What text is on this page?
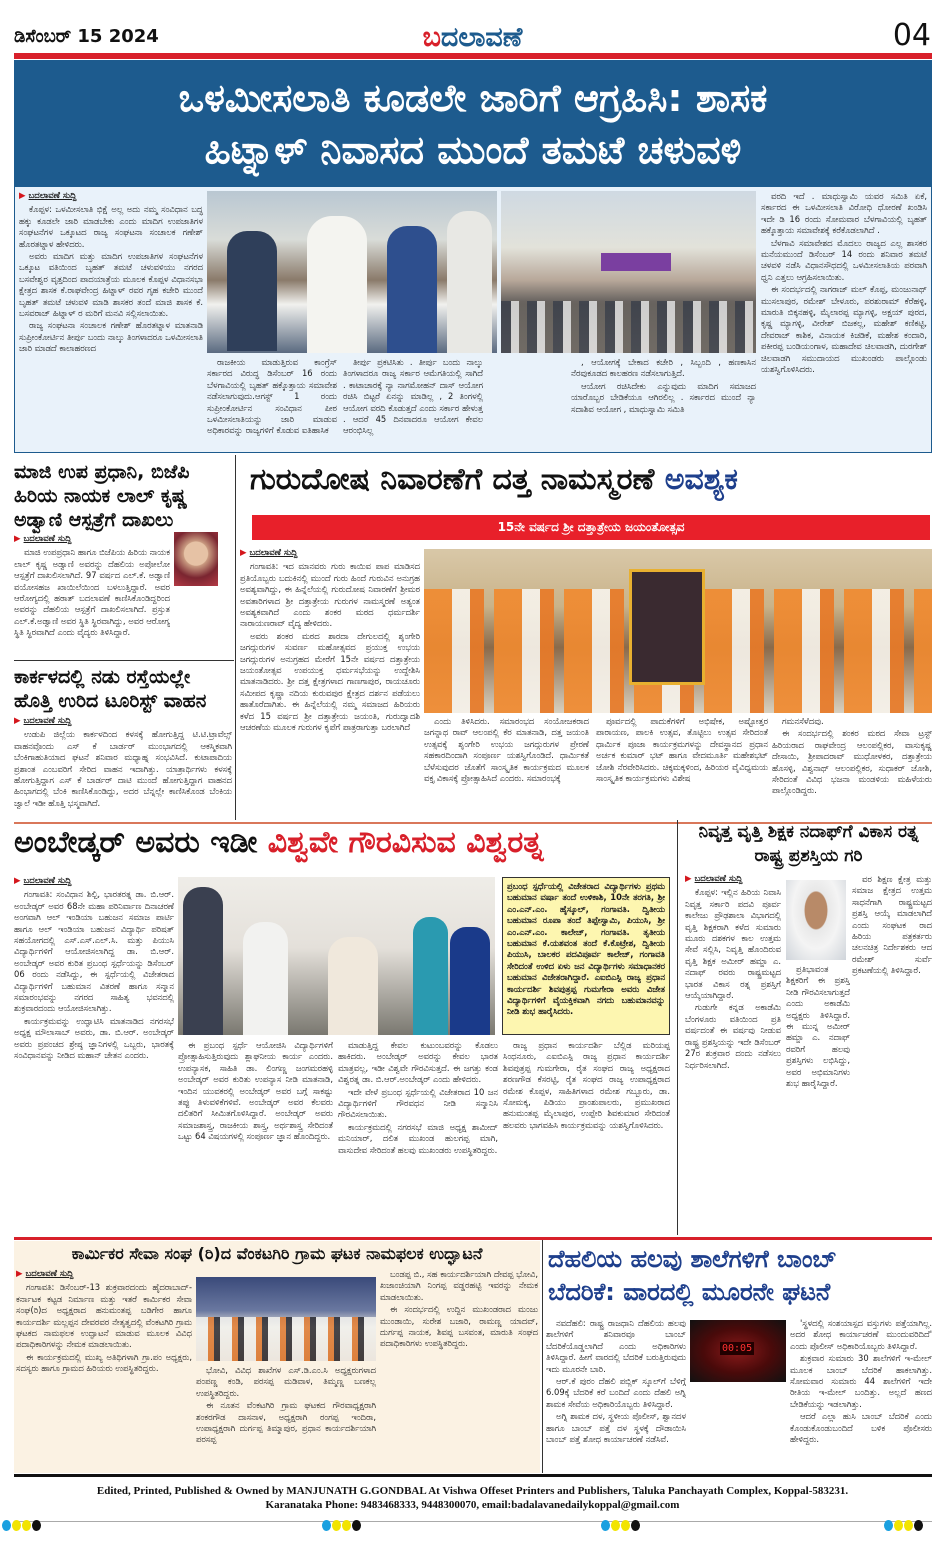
ಡಿಸೆಂಬರ್ 15 2024	ಬದಲಾವಣೆ	04
ಒಳಮೀಸಲಾತಿ ಕೂಡಲೇ ಜಾರಿಗೆ ಆಗ್ರಹಿಸಿ: ಶಾಸಕ
ಹಿಟ್ನಾಳ್ ನಿವಾಸದ ಮುಂದೆ ತಮಟೆ ಚಳುವಳಿ
▶ ಬದಲಾವಣೆ ಸುದ್ದಿ

ಕೊಪ್ಪಳ: ಒಳಮೀಸಲಾತಿ ಭಿಕ್ಷೆ ಅಲ್ಲ ಅದು ನಮ್ಮ ಸಂವಿಧಾನ ಬದ್ಧ ಹಕ್ಕು ಕೂಡಲೇ ಜಾರಿ ಮಾಡಬೇಕು ಎಂದು ಮಾದಿಗ ಉಪಜಾತಿಗಳ ಸಂಘಟನೆಗಳ ಒಕ್ಕೂಟದ ರಾಜ್ಯ ಸಂಘಟನಾ ಸಂಚಾಲಕ ಗಣೇಶ್ ಹೊರತಟ್ನಾಳ ಹೇಳಿದರು.

ಅವರು ಮಾದಿಗ ಮತ್ತು ಮಾದಿಗ ಉಪಜಾತಿಗಳ ಸಂಘಟನೆಗಳ ಒಕ್ಕೂಟ ವತಿಯಿಂದ ಬೃಹತ್ ತಮಟೆ ಚಳುವಳಿಯು ನಗರದ ಬಸವೇಶ್ವರ ವೃತ್ತದಿಂದ ಪಾದಯಾತ್ರೆಯ ಮೂಲಕ ಕೊಪ್ಪಳ ವಿಧಾನಸಭಾ ಕ್ಷೇತ್ರದ ಶಾಸಕ ಕೆ.ರಾಘವೇಂದ್ರ ಹಿಟ್ನಾಳ್ ರವರ ಗೃಹ ಕಚೇರಿ ಮುಂದೆ ಬೃಹತ್ ತಮಟೆ ಚಳುವಳಿ ಮಾಡಿ ಶಾಸಕರ ತಂದೆ ಮಾಜಿ ಶಾಸಕ ಕೆ. ಬಸವರಾಜ್ ಹಿಟ್ನಾಳ್ ರ ಮರಿಗೆ ಮನವಿ ಸಲ್ಲಿಸಲಾಯಿತು.

ರಾಜ್ಯ ಸಂಘಟನಾ ಸಂಚಾಲಕ ಗಣೇಶ್ ಹೊರತಟ್ನಾಳ ಮಾತನಾಡಿ ಸುಪ್ರೀಂಕೋರ್ಟಿನ ತೀರ್ಪು ಬಂದು ನಾಲ್ಕು ತಿಂಗಳಾದರೂ ಒಳಮೀಸಲಾತಿ ಜಾರಿ ಮಾಡದೆ ಕಾಲಾಹರಣದ

ರಾಜಕೀಯ ಮಾಡುತ್ತಿರುವ ಕಾಂಗ್ರೆಸ್ ಸರ್ಕಾರದ ವಿರುದ್ಧ ಡಿಸೆಂಬರ್ 16 ರಂದು ಬೆಳಗಾವಿಯಲ್ಲಿ ಬೃಹತ್ ಹಕ್ಕೊತ್ತಾಯ ಸಮಾವೇಶ ನಡೆಸಲಾಗುವುದು.ಆಗಸ್ಟ್ 1 ರಂದು ಸುಪ್ರೀಂಕೋರ್ಟಿನ ಸಂವಿಧಾನ ಪೀಠ ಒಳಮೀಸಲಾತಿಯನ್ನು ಜಾರಿ ಮಾಡುವ ಅಧಿಕಾರವನ್ನು ರಾಜ್ಯಗಳಿಗೆ ಕೊಡುವ ಐತಿಹಾಸಿಕ

ತೀರ್ಪು ಪ್ರಕಟಿಸಿತು . ತೀರ್ಪು ಬಂದು ನಾಲ್ಕು ತಿಂಗಳಾದರೂ ರಾಜ್ಯ ಸರ್ಕಾರ ಆಮೆಗತಿಯಲ್ಲಿ ಸಾಗಿದೆ . ಕಾಟಾಚಾರಕ್ಕೆ ನ್ಯಾ ನಾಗಮೋಹನ್ ದಾಸ್ ಆಯೋಗ ರಚಿಸಿ ಬಿಟ್ಟರೆ ಏನನ್ನು ಮಾಡಿಲ್ಲ , 2 ತಿಂಗಳಲ್ಲಿ ಆಯೋಗ ವರದಿ ಕೊಡುತ್ತದೆ ಎಂದು ಸರ್ಕಾರ ಹೇಳುತ್ತ . ಆದರೆ 45 ದಿನವಾದರೂ ಆಯೋಗ ಕೇವಲ ಆರಂಭಿಸಿಲ್ಲ

, ಆಯೋಗಕ್ಕೆ ಬೇಕಾದ ಕಚೇರಿ , ಸಿಬ್ಬಂದಿ , ಹಣಕಾಸಿನ ನೆರವುಕೂಡದ ಕಾಲಹರಣ ನಡೆಸಲಾಗುತ್ತಿದೆ.

ಆಯೋಗ ರಚಿಸಿದೇಕು ಎನ್ನುವುದು ಮಾದಿಗ ಸಮಾಜದ ಯಾರೊಬ್ಬರ ಬೇಡಿಕೆಯೂ ಆಗಿರಲಿಲ್ಲ . ಸರ್ಕಾರದ ಮುಂದೆ ನ್ಯಾ ಸದಾಶಿವ ಆಯೋಗ , ಮಾಧುಸ್ವಾಮಿ ಸಮಿತಿ

ವರದಿ ಇದೆ . ಮಾಧುಸ್ವಾಮಿ ಯವರ ಸಮಿತಿ ಏಕೆ, ಸರ್ಕಾರದ ಈ ಒಳಮೀಸಲಾತಿ ವಿರೋಧಿ ಧೋರಣೆ ಖಂಡಿಸಿ ಇದೇ ಡಿ 16 ರಂದು ಸೋಮವಾರ ಬೆಳಗಾವಿಯಲ್ಲಿ ಬೃಹತ್ ಹಕ್ಕೊತ್ತಾಯ ಸಮಾವೇಶಕ್ಕೆ ಕರೆಕೊಡಲಾಗಿದೆ .

ಬೆಳಗಾವಿ ಸಮಾವೇಶದ ಮೊದಲು ರಾಜ್ಯದ ಎಲ್ಲ ಶಾಸಕರ ಮನೆಯಮುಂದೆ ಡಿಸೆಂಬರ್ 14 ರಂದು ಶನಿವಾರ ತಮಟೆ ಚಳವಳಿ ನಡೆಸಿ ವಿಧಾನಸೌಧದಲ್ಲಿ ಒಳಮೀಸಲಾತಿಯ ಪರವಾಗಿ ಧ್ವನಿ ಎತ್ತಲು ಆಗ್ರಹಿಸಲಾಯಿತು.

ಈ ಸಂದರ್ಭದಲ್ಲಿ ನಾಗರಾಜ್ ಮಲ್ ಕೊಪ್ಪ, ಮಂಜುನಾಥ್ ಮುಸಲಾಪುರ, ರಮೇಶ್ ಬೇಳೂರು, ಪರಶುರಾಮ್ ಕೆರೆಹಳ್ಳಿ, ಮಾರುತಿ ಬಿಕ್ಕನಹಳ್ಳಿ, ಮೈಲಾರಪ್ಪ ಮ್ಯಾಗಳ್ಳಿ, ಅಕ್ಷಯ್ ಪುರದ, ಕೃಷ್ಣ ಮ್ಯಾಗಳ್ಳಿ, ವೀರೇಶ್ ಬಿಜಕಲ್ಲ, ಮಹೇಶ್ ಕಣಿಕಟ್ಟಿ, ದೇವರಾಜ್ ಕಾಶಿಕ, ವಿನಾಯಕ ಕಿಚಡಿಕೆ, ಮಹೇಶ ಕಂದಾರಿ, ಪಕೀರಪ್ಪ ಬಂಡಿಯಂಗಾಳ, ಮಹಾದೇವ ಚಿಲವಾಡಗಿ, ದುರಗೇಶ್ ಚಿಲವಾಡಗಿ ಸಮುದಾಯದ ಮುಖಂಡರು ಪಾಲ್ಗೊಂಡು ಯಶಸ್ವಿಗೊಳಿಸಿದರು.

ಮಾಜಿ ಉಪ ಪ್ರಧಾನಿ, ಬಿಜೆಪಿ ಹಿರಿಯ ನಾಯಕ ಲಾಲ್ ಕೃಷ್ಣ ಅಡ್ವಾಣಿ ಆಸ್ಪತ್ರೆಗೆ ದಾಖಲು
▶ ಬದಲಾವಣೆ ಸುದ್ದಿ

ಮಾಜಿ ಉಪಪ್ರಧಾನಿ ಹಾಗೂ ಬಿಜೆಪಿಯ ಹಿರಿಯ ನಾಯಕ ಲಾಲ್ ಕೃಷ್ಣ ಅಡ್ವಾಣಿ ಅವರನ್ನು ದೆಹಲಿಯ ಅಪೋಲೋ ಆಸ್ಪತ್ರೆಗೆ ದಾಖಲಿಸಲಾಗಿದೆ. 97 ವರ್ಷದ ಎಲ್.ಕೆ. ಅಡ್ವಾಣಿ ವಯೋಸಹಜ ಖಾಯಿಲೆಯಿಂದ ಬಳಲುತ್ತಿದ್ದಾರೆ. ಅವರ ಆರೋಗ್ಯದಲ್ಲಿ ಹಠಾತ್ ಬದಲಾವಣೆ ಕಾಣಿಸಿಕೊಂಡಿದ್ದರಿಂದ ಅವರನ್ನು ದೆಹಲಿಯ ಆಸ್ಪತ್ರೆಗೆ ದಾಖಲಿಸಲಾಗಿದೆ. ಪ್ರಸ್ತುತ ಎಲ್.ಕೆ.ಅಡ್ವಾಣಿ ಅವರ ಸ್ಥಿತಿ ಸ್ಥಿರವಾಗಿದ್ದು, ಅವರ ಆರೋಗ್ಯ ಸ್ಥಿತಿ ಸ್ಥಿರವಾಗಿದೆ ಎಂದು ವೈದ್ಯರು ತಿಳಿಸಿದ್ದಾರೆ.

ಕಾರ್ಕಳದಲ್ಲಿ ನಡು ರಸ್ತೆಯಲ್ಲೇ ಹೊತ್ತಿ ಉರಿದ ಟೂರಿಸ್ಟ್ ವಾಹನ
▶ ಬದಲಾವಣೆ ಸುದ್ದಿ

ಉಡುಪಿ ಜಿಲ್ಲೆಯ ಕಾರ್ಕಳದಿಂದ ಕಳಸಕ್ಕೆ ಹೋಗುತ್ತಿದ್ದ ಟಿ.ಟಿ.ಟ್ರಾವೆಲ್ಸ್ ವಾಹನವೊಂದು ಎಸ್ ಕೆ ಬಾರ್ಡರ್ ಮುಂಭಾಗದಲ್ಲಿ ಆಕಸ್ಮಿಕವಾಗಿ ಬೆಂಕಿಗಾಹುತಿಯಾದ ಘಟನೆ ಶನಿವಾರ ಮಧ್ಯಾಹ್ನ ಸಂಭವಿಸಿದೆ. ಕುಟಾಪಾದಿಯ ಪ್ರಶಾಂತ ಎಂಬವರಿಗೆ ಸೇರಿದ ವಾಹನ ಇದಾಗಿತ್ತು. ಯಾತ್ರಾರ್ಥಿಗಳು ಕಳಸಕ್ಕೆ ಹೋಗುತ್ತಿದ್ದಾಗ ಎಸ್ ಕೆ ಬಾರ್ಡರ್ ದಾಟಿ ಮುಂದೆ ಹೋಗುತ್ತಿದ್ದಾಗ ವಾಹನದ ಹಿಂಭಾಗದಲ್ಲಿ ಬೆಂಕಿ ಕಾಣಿಸಿಕೊಂಡಿದ್ದು, ಅದರ ಬೆನ್ನಲ್ಲೇ ಕಾಣಿಸಿಕೊಂಡ ಬೆಂಕಿಯ ಜ್ವಾಲೆ ಇಡೀ ಹೊತ್ತಿ ಭಸ್ಮವಾಗಿದೆ.

ಗುರುದೋಷ ನಿವಾರಣೆಗೆ ದತ್ತ ನಾಮಸ್ಮರಣೆ ಅವಶ್ಯಕ
15ನೇ ವರ್ಷದ ಶ್ರೀ ದತ್ತಾತ್ರೇಯ ಜಯಂತೋತ್ಸವ
▶ ಬದಲಾವಣೆ ಸುದ್ದಿ

ಗಂಗಾವತಿ: ಇದ ಮಾನವರು ಗುರು ಕಾಯಿವ ಪಾಪ ಮಾಡಿಸದ ಪ್ರತಿಯೊಬ್ಬರು ಬದುಕಿನಲ್ಲಿ ಮುಂದೆ ಗುರು ಹಿಂದೆ ಗುರುವಿನ ಅನುಗ್ರಹ ಅವಶ್ಯವಾಗಿದ್ದು, ಈ ಹಿನ್ನೆಲೆಯಲ್ಲಿ ಗುರುದೋಷ ನಿವಾರಣೆಗೆ ಶ್ರೀಮಠ ಅವತಾರಿಗಳಾದ ಶ್ರೀ ದತ್ತಾತ್ರೇಯ ಗುರುಗಳ ನಾಮಸ್ಮರಣೆ ಅತ್ಯಂತ ಅವಶ್ಯಕವಾಗಿದೆ ಎಂದು ಶಂಕರ ಮಠದ ಧರ್ಮದರ್ಶಿ ನಾರಾಯಣರಾವ್ ವೈದ್ಯ ಹೇಳಿದರು.

ಅವರು ಶಂಕರ ಮಠದ ಶಾರದಾ ದೇಗುಲದಲ್ಲಿ ಶೃಂಗೇರಿ ಜಗದ್ಗುರುಗಳ ಸುವರ್ಣ ಮಹೋತ್ಸವದ ಪ್ರಯುಕ್ತ ಉಭಯ ಜಗದ್ಗುರುಗಳ ಅನುಗ್ರಹದ ಮೇರೆಗೆ 15ನೇ ವರ್ಷದ ದತ್ತಾತ್ರೇಯ ಜಯಂತೋತ್ಸವ ಉಪಯುಕ್ತ ಧರ್ಮಸಭೆಯನ್ನು ಉದ್ದೇಶಿಸಿ ಮಾತನಾಡಿದರು. ಶ್ರೀ ದತ್ತ ಕ್ಷೇತ್ರಗಳಾದ ಗಾಣಗಾಪುರ, ರಾಯಚೂರು ಸಮೀಪದ ಕೃಷ್ಣಾ ನದಿಯ ಕುರುವಪುರ ಕ್ಷೇತ್ರದ ದರ್ಶನ ಪಡೆಯಲು ಹಾತೊರೆದಾಗಿತು. ಈ ಹಿನ್ನೆಲೆಯಲ್ಲಿ ನಮ್ಮ ಸಮಾಜದ ಹಿರಿಯರು ಕಳೆದ 15 ವರ್ಷದ ಶ್ರೀ ದತ್ತಾತ್ರೇಯ ಜಯಂತಿ, ಗುರುದ್ವಾದಶಿ ಆಚರಣೆಯ ಮೂಲಕ ಗುರುಗಳ ಕೃಪೆಗೆ ಪಾತ್ರರಾಗುತ್ತಾ ಬರಲಾಗಿದೆ

ಎಂದು ತಿಳಿಸಿದರು. ಸಮಾರಂಭದ ಸಂಯೋಜಕರಾದ ಜಗನ್ನಾಥ ರಾವ್ ಆಲಂಪಲ್ಲಿ ಕೆರ ಮಾತನಾಡಿ, ದತ್ತ ಜಯಂತಿ ಉತ್ಸವಕ್ಕೆ ಶೃಂಗೇರಿ ಉಭಯ ಜಗದ್ಗುರುಗಳ ಪ್ರೇರಣೆ ಸಹಕಾರದಿಂದಾಗಿ ಸಂಪೂರ್ಣ ಯಶಸ್ವಿಗೊಂಡಿದೆ. ಧಾರ್ಮಿಕತೆ ಬೆಳೆಸುವುದರ ಜೊತೆಗೆ ಸಾಂಸ್ಕೃತಿಕ ಕಾರ್ಯಕ್ರಮದ ಮೂಲಕ ವಕ್ತೃ ವಿಕಾಸಕ್ಕೆ ಪ್ರೋತ್ಸಾಹಿಸಿದೆ ಎಂದರು. ಸಮಾರಂಭಕ್ಕೆ

ಪೂರ್ವದಲ್ಲಿ ಪಾದುಕೆಗಳಿಗೆ ಅಭಿಷೇಕ, ಅಷ್ಟೋತ್ತರ ಪಾರಾಯಣ, ಪಾಲಕಿ ಉತ್ಸವ, ತೊಟ್ಟಿಲು ಉತ್ಸವ ಸೇರಿದಂತೆ ಧಾರ್ಮಿಕ ಪೂಜಾ ಕಾರ್ಯಕ್ರಮಗಳನ್ನು ದೇವಸ್ಥಾನದ ಪ್ರಧಾನ ಅರ್ಚಕ ಕುಮಾರ್ ಭಟ್ ಹಾಗೂ ವೇದಮೂರ್ತಿ ಮಹೇಶಭಟ್ ಜೋಶಿ ನೆರವೇರಿಸಿದರು. ಚಿಕ್ಕಮಕ್ಕಳಿಂದ, ಹಿರಿಯರ ವೈವಿಧ್ಯಮಯ ಸಾಂಸ್ಕೃತಿಕ ಕಾರ್ಯಕ್ರಮಗಳು ವಿಶೇಷ

ಗಮನಸೆಳೆದವು.

ಈ ಸಂದರ್ಭದಲ್ಲಿ ಶಂಕರ ಮಠದ ಸೇವಾ ಟ್ರಸ್ಟ್ ಹಿರಿಯರಾದ ರಾಘವೇಂದ್ರ ಆಲಂಪಲ್ಲಿಕರ, ವಾಸುಕೃಷ್ಣ ದೇಸಾಯಿ, ಶ್ರೀಪಾದರಾವ್ ಮುಧೋಳಕರ, ದತ್ತಾತ್ರೇಯ ಹೊಸಳ್ಳಿ, ವಿಶ್ವನಾಥ್ ಆಲಂಪಲ್ಲಿಕರ, ಸುಧಾಕರ್ ಜೋಶಿ, ಸೇರಿದಂತೆ ವಿವಿಧ ಭಜನಾ ಮಂಡಳಿಯ ಮಹಿಳೆಯರು ಪಾಲ್ಗೊಂಡಿದ್ದರು.

ಅಂಬೇಡ್ಕರ್ ಅವರು ಇಡೀ ವಿಶ್ವವೇ ಗೌರವಿಸುವ ವಿಶ್ವರತ್ನ
▶ ಬದಲಾವಣೆ ಸುದ್ದಿ

ಗಂಗಾವತಿ: ಸಂವಿಧಾನ ಶಿಲ್ಪಿ, ಭಾರತರತ್ನ ಡಾ. ಬಿ.ಆರ್. ಅಂಬೇಡ್ಕರ್ ಅವರ 68ನೇ ಮಹಾ ಪರಿನಿರ್ವಾಣ ದಿನಾಚರಣೆ ಅಂಗವಾಗಿ ಆಲ್ ಇಂಡಿಯಾ ಬಹುಜನ ಸಮಾಜ ಪಾರ್ಟಿ ಹಾಗೂ ಆಲ್ ಇಂಡಿಯಾ ಬಹುಜನ ವಿದ್ಯಾರ್ಥಿ ಪರಿಷತ್ ಸಹಯೋಗದಲ್ಲಿ ಎಸ್.ಎಸ್.ಎಲ್.ಸಿ. ಮತ್ತು ಪಿಯುಸಿ ವಿದ್ಯಾರ್ಥಿಗಳಿಗೆ ಆಯೋಜಿಸಲಾಗಿದ್ದ ಡಾ. ಬಿ.ಆರ್. ಅಂಬೇಡ್ಕರ್ ಅವರ ಕುರಿತ ಪ್ರಬಂಧ ಸ್ಪರ್ಧೆಯನ್ನು ಡಿಸೆಂಬರ್ 06 ರಂದು ನಡೆಸಿದ್ದು, ಈ ಸ್ಪರ್ಧೆಯಲ್ಲಿ ವಿಜೇತರಾದ ವಿದ್ಯಾರ್ಥಿಗಳಿಗೆ ಬಹುಮಾನ ವಿತರಣೆ ಹಾಗೂ ಸನ್ಮಾನ ಸಮಾರಂಭವನ್ನು ನಗರದ ಸಾಹಿತ್ಯ ಭವನದಲ್ಲಿ ಶುಕ್ರವಾರದಂದು ಆಯೋಜಿಸಲಾಗಿತ್ತು.

ಕಾರ್ಯಕ್ರಮವನ್ನು ಉದ್ಘಾಟಿಸಿ ಮಾತನಾಡಿದ ನಗರಸಭೆ ಅಧ್ಯಕ್ಷ ಮೌಲಾಸಾಬ್ ಅವರು, ಡಾ. ಬಿ.ಆರ್. ಅಂಬೇಡ್ಕರ್ ಅವರು ಪ್ರಪಂಚದ ಶ್ರೇಷ್ಠ ಜ್ಞಾನಿಗಳಲ್ಲಿ ಒಬ್ಬರು, ಭಾರತಕ್ಕೆ ಸಂವಿಧಾನವನ್ನು ನೀಡಿದ ಮಹಾನ್ ಚೇತನ ಎಂದರು.

ಪ್ರಬಂಧ ಸ್ಪರ್ಧೆಯಲ್ಲಿ ವಿಜೇತರಾದ ವಿದ್ಯಾರ್ಥಿಗಳು ಪ್ರಥಮ ಬಹುಮಾನ ವರ್ಷಾ ತಂದೆ ಉಳಿಕಾಶಿ, 10ನೇ ತರಗತಿ, ಶ್ರೀ ಎಂ.ಎನ್.ಎಂ. ಹೈಸ್ಕೂಲ್, ಗಂಗಾವತಿ. ದ್ವಿತೀಯ ಬಹುಮಾನ ರೂಪಾ ತಂದೆ ತಿಪ್ಪೇಸ್ವಾಮಿ, ಪಿಯುಸಿ, ಶ್ರೀ ಎಂ.ಎನ್.ಎಂ. ಕಾಲೇಜ್, ಗಂಗಾವತಿ. ತೃತೀಯ ಬಹುಮಾನ ಕೆ.ಯಶವಂತ ತಂದೆ ಕೆ.ಕೊಟ್ರೇಶ, ದ್ವಿತೀಯ ಪಿಯುಸಿ, ಬಾಲಕರ ಪದವಿಪೂರ್ವ ಕಾಲೇಜ್, ಗಂಗಾವತಿ ಸೇರಿದಂತೆ ಉಳಿದ ಏಳು ಜನ ವಿದ್ಯಾರ್ಥಿಗಳು ಸಮಾಧಾನಕರ ಬಹುಮಾನ ವಿಜೇತರಾಗಿದ್ದಾರೆ. ಎಐಬಿಎಸ್ಪಿ ರಾಜ್ಯ ಪ್ರಧಾನ ಕಾರ್ಯದರ್ಶಿ ಶಿವಪುತ್ರಪ್ಪ ಗುಮಗೇರಾ ಅವರು ವಿಜೇತ ವಿದ್ಯಾರ್ಥಿಗಳಿಗೆ ವೈಯಕ್ತಿಕವಾಗಿ ನಗದು ಬಹುಮಾನವನ್ನು ನೀಡಿ ಶುಭ ಹಾರೈಸಿದರು.

ಈ ಪ್ರಬಂಧ ಸ್ಪರ್ಧೆ ಆಯೋಜಿಸಿ ವಿದ್ಯಾರ್ಥಿಗಳಿಗೆ ಪ್ರೋತ್ಸಾಹಿಸುತ್ತಿರುವುದು ಶ್ಲಾಘನೀಯ ಕಾರ್ಯ ಎಂದರು. ಉಪನ್ಯಾಸಕ, ಸಾಹಿತಿ ಡಾ. ಲಿಂಗಣ್ಣ ಜಂಗಮರಹಳ್ಳಿ ಅಂಬೇಡ್ಕರ್ ಅವರ ಕುರಿತು ಉಪನ್ಯಾಸ ನೀಡಿ ಮಾತನಾಡಿ, ಇಂದಿನ ಯುವಕರಲ್ಲಿ ಅಂಬೇಡ್ಕರ್ ಅವರ ಬಗ್ಗೆ ಸಾಕಷ್ಟು ತಪ್ಪು ತಿಳುವಳಿಕೆಗಳಿವೆ. ಅಂಬೇಡ್ಕರ್ ಅವರ ಕೆಲವರು ದಲಿತರಿಗೆ ಸೀಮಿತಗೊಳಿಸಿದ್ದಾರೆ. ಅಂಬೇಡ್ಕರ್ ಅವರು ಸಮಾಜಶಾಸ್ತ್ರ, ರಾಜಕೀಯ ಶಾಸ್ತ್ರ, ಅರ್ಥಶಾಸ್ತ್ರ ಸೇರಿದಂತೆ ಒಟ್ಟು 64 ವಿಷಯಗಳಲ್ಲಿ ಸಂಪೂರ್ಣ ಜ್ಞಾನ ಹೊಂದಿದ್ದರು.

ಮಾಡುತ್ತಿದ್ದ ಕೇವಲ ಕುಟುಂಬವರನ್ನು ಕೊಡಲು ಹಾಕಿದರು. ಅಂಬೇಡ್ಕರ್ ಅವರನ್ನು ಕೇವಲ ಭಾರತ ಮಾತ್ರವಲ್ಲ, ಇಡೀ ವಿಶ್ವವೇ ಗೌರವಿಸುತ್ತದೆ. ಈ ಜಗತ್ತು ಕಂಡ ವಿಶ್ವರತ್ನ ಡಾ. ಬಿ.ಆರ್.ಅಂಬೇಡ್ಕರ್ ಎಂದು ಹೇಳಿದರು.

ಇದೇ ವೇಳೆ ಪ್ರಬಂಧ ಸ್ಪರ್ಧೆಯಲ್ಲಿ ವಿಜೇತರಾದ 10 ಜನ ವಿದ್ಯಾರ್ಥಿಗಳಿಗೆ ಗೌರವಧನ ನೀಡಿ ಸನ್ಮಾನಿಸಿ ಗೌರವಿಸಲಾಯಿತು.

ಕಾರ್ಯಕ್ರಮದಲ್ಲಿ ನಗರಸಭೆ ಮಾಜಿ ಅಧ್ಯಕ್ಷ ಶಾಮೀದ್ ಮನಿಯಾರ್, ದಲಿತ ಮುಖಂಡ ಹುಲಗಪ್ಪ ಮಾಗಿ, ವಾಸುದೇವ ಸೇರಿದಂತೆ ಹಲವು ಮುಖಂಡರು ಉಪಸ್ಥಿತರಿದ್ದರು.

ರಾಜ್ಯ ಪ್ರಧಾನ ಕಾರ್ಯದರ್ಶಿ ಬೆಲ್ಲಿಡ ಮರಿಯಪ್ಪ ಸಿಂಧನೂರು, ಎಐಬಿಎಸ್ಪಿ ರಾಜ್ಯ ಪ್ರಧಾನ ಕಾರ್ಯದರ್ಶಿ ಶಿವಪುತ್ರಪ್ಪ ಗುಮಗೇರಾ, ರೈತ ಸಂಘದ ರಾಜ್ಯ ಅಧ್ಯಕ್ಷರಾದ ಶರಣಗೌಡ ಕೆಸರಟ್ಟಿ, ರೈತ ಸಂಘದ ರಾಜ್ಯ ಉಪಾಧ್ಯಕ್ಷರಾದ ರಮೇಶ ಕೊಪ್ಪಳ, ಸಾಹಿತಿಗಳಾದ ರಮೇಶ ಗಬ್ಬೂರು, ಡಾ. ಸೋಮಕ್ಕ, ಪಿಡಿಯು ಪ್ರಾಂಶುಪಾಲರು, ಪ್ರಮುಖರಾದ ಹನುಮಂತಪ್ಪ ಮೈಲಾಪುರ, ಉಪ್ಪೇರಿ ಶಿವಕುಮಾರ ಸೇರಿದಂತೆ ಹಲವರು ಭಾಗವಹಿಸಿ ಕಾರ್ಯಕ್ರಮವನ್ನು ಯಶಸ್ವಿಗೊಳಿಸಿದರು.

ನಿವೃತ್ತ ವೃತ್ತಿ ಶಿಕ್ಷಕ ನದಾಫ್‌ಗೆ ವಿಕಾಸ ರತ್ನ ರಾಷ್ಟ್ರ ಪ್ರಶಸ್ತಿಯ ಗರಿ
▶ ಬದಲಾವಣೆ ಸುದ್ದಿ

ಕೊಪ್ಪಳ: ಇಲ್ಲಿನ ಹಿರಿಯ ನಿವಾಸಿ ನಿವೃತ್ತ ಸರ್ಕಾರಿ ಪದವಿ ಪೂರ್ವ ಕಾಲೇಜು ಪ್ರೌಢಶಾಲಾ ವಿಭಾಗದಲ್ಲಿ ವೃತ್ತಿ ಶಿಕ್ಷಕರಾಗಿ ಕಳೆದ ಸುಮಾರು ಮೂರು ದಶಕಗಳ ಕಾಲ ಉತ್ತಮ ಸೇವೆ ಸಲ್ಲಿಸಿ, ನಿವೃತ್ತಿ ಹೊಂದಿರುವ ವೃತ್ತಿ ಶಿಕ್ಷಕ ಅಮೀರ್ ಹಮ್ಜಾ ಎ. ನದಾಫ್ ರವರು ರಾಷ್ಟ್ರಮಟ್ಟದ ಭಾರತ ವಿಕಾಸ ರತ್ನ ಪ್ರಶಸ್ತಿಗೆ ಆಯ್ಕೆಯಾಗಿದ್ದಾರೆ.

ಗುಡುಗೇ ಕನ್ನಡ ಅಕಾಡೆಮಿ ಬೆಂಗಳೂರು ವತಿಯಿಂದ ಪ್ರತಿ ವರ್ಷದಂತೆ ಈ ವರ್ಷವು ನೀಡುವ ರಾಷ್ಟ್ರ ಪ್ರಶಸ್ತಿಯನ್ನು ಇದೇ ಡಿಸೆಂಬರ್ 27ರ ಶುಕ್ರವಾರ ದಂದು ನಡೆಸಲು ನಿರ್ಧರಿಸಲಾಗಿದೆ.

ಪ್ರತಿಭಾವಂತ ಶಿಕ್ಷಕರಿಗೆ ಈ ಪ್ರಶಸ್ತಿ ನೀಡಿ ಗೌರವಿಸಲಾಗುತ್ತದೆ ಎಂದು ಅಕಾಡೆಮಿ ಅಧ್ಯಕ್ಷರು ತಿಳಿಸಿದ್ದಾರೆ. ಈ ಮುನ್ನ ಅಮೀರ್ ಹಮ್ಜಾ ಎ. ನದಾಫ್ ರವರಿಗೆ ಹಲವು ಪ್ರಶಸ್ತಿಗಳು ಲಭಿಸಿದ್ದು, ಅವರ ಅಭಿಮಾನಿಗಳು ಶುಭ ಹಾರೈಸಿದ್ದಾರೆ.

ವರ ಶಿಕ್ಷಣ ಕ್ಷೇತ್ರ ಮತ್ತು ಸಮಾಜ ಕ್ಷೇತ್ರದ ಉತ್ತಮ ಸಾಧನೆಗಾಗಿ ರಾಷ್ಟ್ರಮಟ್ಟದ ಪ್ರಶಸ್ತಿ ಆಯ್ಕೆ ಮಾಡಲಾಗಿದೆ ಎಂದು ಸಂಘಟಕ ರಾದ ಹಿರಿಯ ಪತ್ರಕರ್ತರು ಚಲನಚಿತ್ರ ನಿರ್ದೇಶಕರು ಆದ ರಮೇಶ್ ಸುರ್ವೆ ಪ್ರಕಟಣೆಯಲ್ಲಿ ತಿಳಿಸಿದ್ದಾರೆ.

ಕಾರ್ಮಿಕರ ಸೇವಾ ಸಂಘ (ರಿ)ದ ವೆಂಕಟಗಿರಿ ಗ್ರಾಮ ಘಟಕ ನಾಮಫಲಕ ಉದ್ಘಾಟನೆ
▶ ಬದಲಾವಣೆ ಸುದ್ದಿ

ಗಂಗಾವತಿ: ಡಿಸೆಂಬರ್-13 ಶುಕ್ರವಾರದಂದು ಹೈದರಾಬಾದ್-ಕರ್ನಾಟಕ ಕಟ್ಟಡ ನಿರ್ಮಾಣ ಮತ್ತು ಇತರೆ ಕಾರ್ಮಿಕರ ಸೇವಾ ಸಂಘ(ರಿ)ದ ಅಧ್ಯಕ್ಷರಾದ ಹನುಮಂತಪ್ಪ ಬಡಿಗೇರ ಹಾಗೂ ಕಾರ್ಯದರ್ಶಿ ಮಲ್ಲಪ್ಪನ ದೇವರವರ ನೇತೃತ್ವದಲ್ಲಿ ವೆಂಕಟಗಿರಿ ಗ್ರಾಮ ಘಟಕದ ನಾಮಫಲಕ ಉದ್ಘಾಟನೆ ಮಾಡುವ ಮೂಲಕ ವಿವಿಧ ಪದಾಧಿಕಾರಿಗಳನ್ನು ನೇಮಕ ಮಾಡಲಾಯಿತು.

ಈ ಕಾರ್ಯಕ್ರಮದಲ್ಲಿ ಮುಖ್ಯ ಅತಿಥಿಗಳಾಗಿ ಗ್ರಾ.ಪಂ ಅಧ್ಯಕ್ಷರು, ಸದಸ್ಯರು ಹಾಗೂ ಗ್ರಾಮದ ಹಿರಿಯರು ಉಪಸ್ಥಿತರಿದ್ದರು.

ಬಂಡಪ್ಪ ಬಿ., ಸಹ ಕಾರ್ಯದರ್ಶಿಯಾಗಿ ದೇವಪ್ಪ ಭೋವಿ, ಖಜಾಂಚಿಯಾಗಿ ನಿಂಗಪ್ಪ ವಡ್ಡರಹಟ್ಟಿ ಇವರನ್ನು ನೇಮಕ ಮಾಡಲಾಯಿತು.

ಈ ಸಂದರ್ಭದಲ್ಲಿ ಉದ್ದಿನ ಮುಖಂಡರಾದ ಮಂಜು ಮುಂಡಾಯಿ, ಸುರೇಶ ಬಜಾರಿ, ರಾಮಣ್ಣ ಯಾದವ್, ದುರ್ಗಪ್ಪ ನಾಯಕ, ಶಿವಪ್ಪ ಬಸವಂತ, ಮಾರುತಿ ಸಂಘದ ಪದಾಧಿಕಾರಿಗಳು ಉಪಸ್ಥಿತರಿದ್ದರು.

ಭೋವಿ, ವಿವಿಧ ಶಾಖೆಗಳ ಎಸ್.ಡಿ.ಎಂ.ಸಿ ಅಧ್ಯಕ್ಷರುಗಳಾದ ಪಂಪಣ್ಣ ಕಂಡಿ, ಪರಸಪ್ಪ ಮಡಿವಾಳ, ತಿಮ್ಮಣ್ಣ ಬಣಕಲ್ಲ ಉಪಸ್ಥಿತರಿದ್ದರು.

ಈ ನೂತನ ವೆಂಕಟಗಿರಿ ಗ್ರಾಮ ಘಟಕದ ಗೌರವಾಧ್ಯಕ್ಷರಾಗಿ ಶಂಕರಗೌಡ ದಾಸನಾಳ, ಅಧ್ಯಕ್ಷರಾಗಿ ರಂಗಪ್ಪ ಇಂದಿರಾ, ಉಪಾಧ್ಯಕ್ಷರಾಗಿ ದುರ್ಗಪ್ಪ ತಿಮ್ಮಾಪುರ, ಪ್ರಧಾನ ಕಾರ್ಯದರ್ಶಿಯಾಗಿ ಪರಸಪ್ಪ

ದೆಹಲಿಯ ಹಲವು ಶಾಲೆಗಳಿಗೆ ಬಾಂಬ್
ಬೆದರಿಕೆ: ವಾರದಲ್ಲಿ ಮೂರನೇ ಘಟನೆ

ನವದೆಹಲಿ: ರಾಷ್ಟ್ರ ರಾಜಧಾನಿ ದೆಹಲಿಯ ಹಲವು ಶಾಲೆಗಳಿಗೆ ಶನಿವಾರವೂ ಬಾಂಬ್ ಬೆದರಿಕೆಯೊಡ್ಡಲಾಗಿದೆ ಎಂದು ಅಧಿಕಾರಿಗಳು ತಿಳಿಸಿದ್ದಾರೆ. ಹೀಗೆ ವಾರದಲ್ಲಿ ಬೆದರಿಕೆ ಬರುತ್ತಿರುವುದು ಇದು ಮೂರನೇ ಬಾರಿ.

ಆರ್.ಕೆ ಪುರಂ ದೆಹಲಿ ಪಬ್ಲಿಕ್ ಸ್ಕೂಲ್‌ಗೆ ಬೆಳಿಗ್ಗೆ 6.09ಕ್ಕೆ ಬೆದರಿಕೆ ಕರೆ ಬಂದಿದೆ ಎಂದು ದೆಹಲಿ ಅಗ್ನಿ ಶಾಮಕ ಸೇವೆಯ ಅಧಿಕಾರಿಯೊಬ್ಬರು ತಿಳಿಸಿದ್ದಾರೆ.

ಅಗ್ನಿ ಶಾಮಕ ದಳ, ಸ್ಥಳೀಯ ಪೊಲೀಸ್, ಶ್ವಾನದಳ ಹಾಗೂ ಬಾಂಬ್ ಪತ್ತೆ ದಳ ಸ್ಥಳಕ್ಕೆ ದೌಡಾಯಿಸಿ ಬಾಂಬ್ ಪತ್ತೆ ಶೋಧ ಕಾರ್ಯಾಚರಣೆ ನಡೆಸಿವೆ.

00:05

'ಸ್ಥಳದಲ್ಲಿ ಸಂಶಯಾಸ್ಪದ ವಸ್ತುಗಳು ಪತ್ತೆಯಾಗಿಲ್ಲ. ಅದರ ಶೋಧ ಕಾರ್ಯಾಚರಣೆ ಮುಂದುವರಿದಿದೆ' ಎಂದು ಪೊಲೀಸ್ ಅಧಿಕಾರಿಯೊಬ್ಬರು ತಿಳಿಸಿದ್ದಾರೆ.

ಶುಕ್ರವಾರ ಸುಮಾರು 30 ಶಾಲೆಗಳಿಗೆ ಇ-ಮೇಲ್ ಮೂಲಕ ಬಾಂಬ್ ಬೆದರಿಕೆ ಹಾಕಲಾಗಿತ್ತು. ಸೋಮವಾರ ಸುಮಾರು 44 ಶಾಲೆಗಳಿಗೆ ಇದೇ ರೀತಿಯ ಇ-ಮೇಲ್ ಬಂದಿತ್ತು. ಅಲ್ಲದೆ ಹಣದ ಬೇಡಿಕೆಯನ್ನು ಇಡಲಾಗಿತ್ತು.

ಆದರೆ ಎಲ್ಲಾ ಹುಸಿ ಬಾಂಬ್ ಬೆದರಿಕೆ ಎಂದು ಕೊಂಡುಕೊಂಡುಬಂದಿದೆ ಬಳಿಕ ಪೊಲೀಸರು ಹೇಳಿದ್ದರು.

Edited, Printed, Published & Owned by MANJUNATH G.GONDBAL At Vishwa Offeset Printers and Publishers, Taluka Panchayath Complex, Koppal-583231.
Karanataka Phone: 9483468333, 9448300070, email:badalavanedailykoppal@gmail.com
